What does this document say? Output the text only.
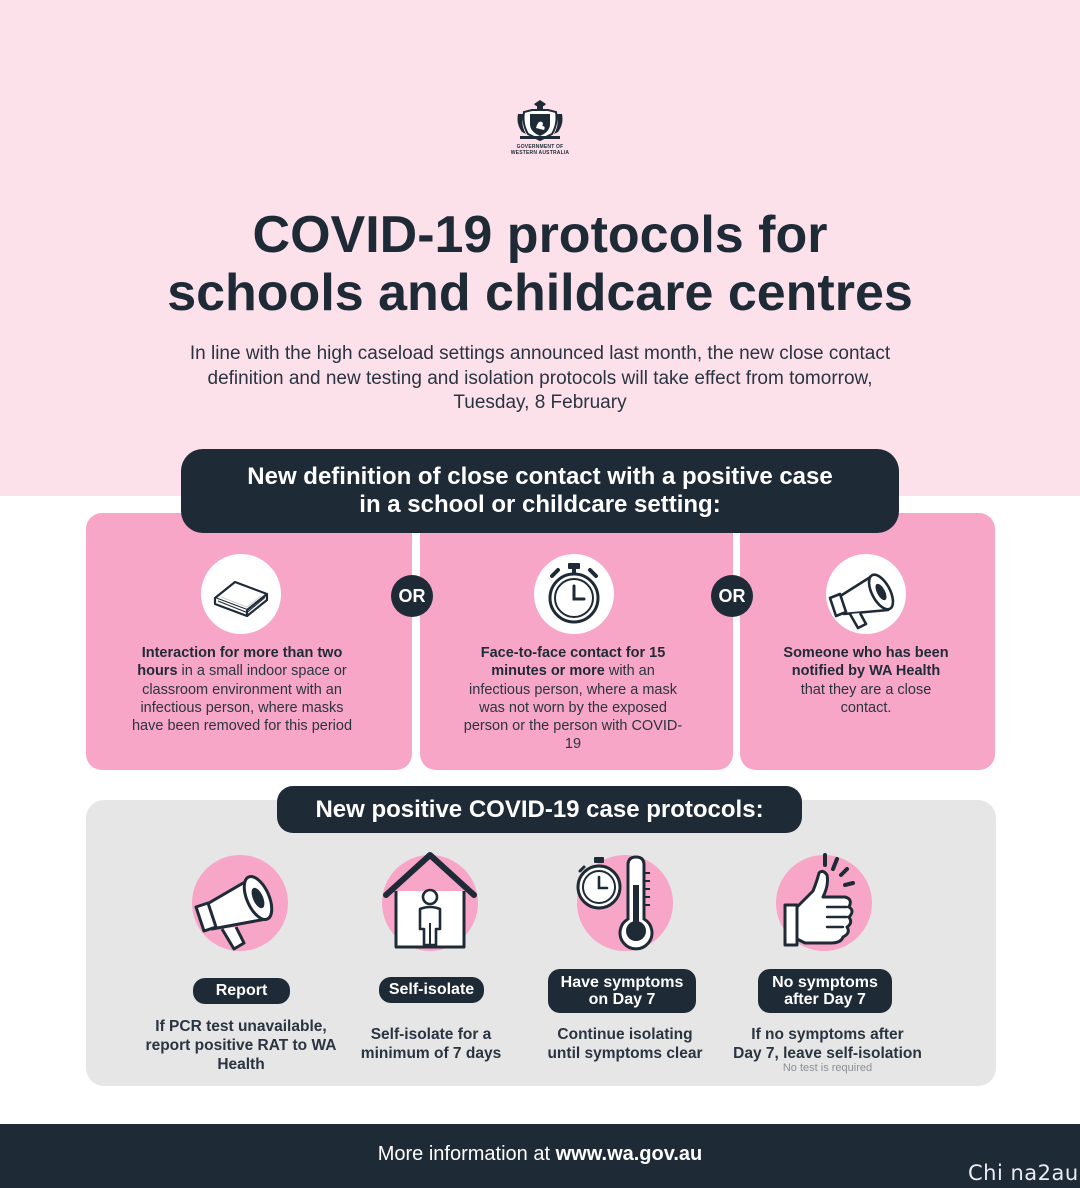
GOVERNMENT OF
WESTERN AUSTRALIA
COVID-19 protocols for
schools and childcare centres

In line with the high caseload settings announced last month, the new close contact definition and new testing and isolation protocols will take effect from tomorrow, Tuesday, 8 February

New definition of close contact with a positive case
in a school or childcare setting:
OR	OR
Interaction for more than two hours in a small indoor space or classroom environment with an infectious person, where masks have been removed for this period
Face-to-face contact for 15 minutes or more with an infectious person, where a mask was not worn by the exposed person or the person with COVID-19
Someone who has been notified by WA Health that they are a close contact.
New positive COVID-19 case protocols:
Report	Self-isolate	Have symptoms
on Day 7
No symptoms
after Day 7
If PCR test unavailable, report positive RAT to WA Health
Self-isolate for a minimum of 7 days
Continue isolating until symptoms clear
If no symptoms after
Day 7, leave self-isolation
No test is required
More information at www.wa.gov.au
Chi na2au
